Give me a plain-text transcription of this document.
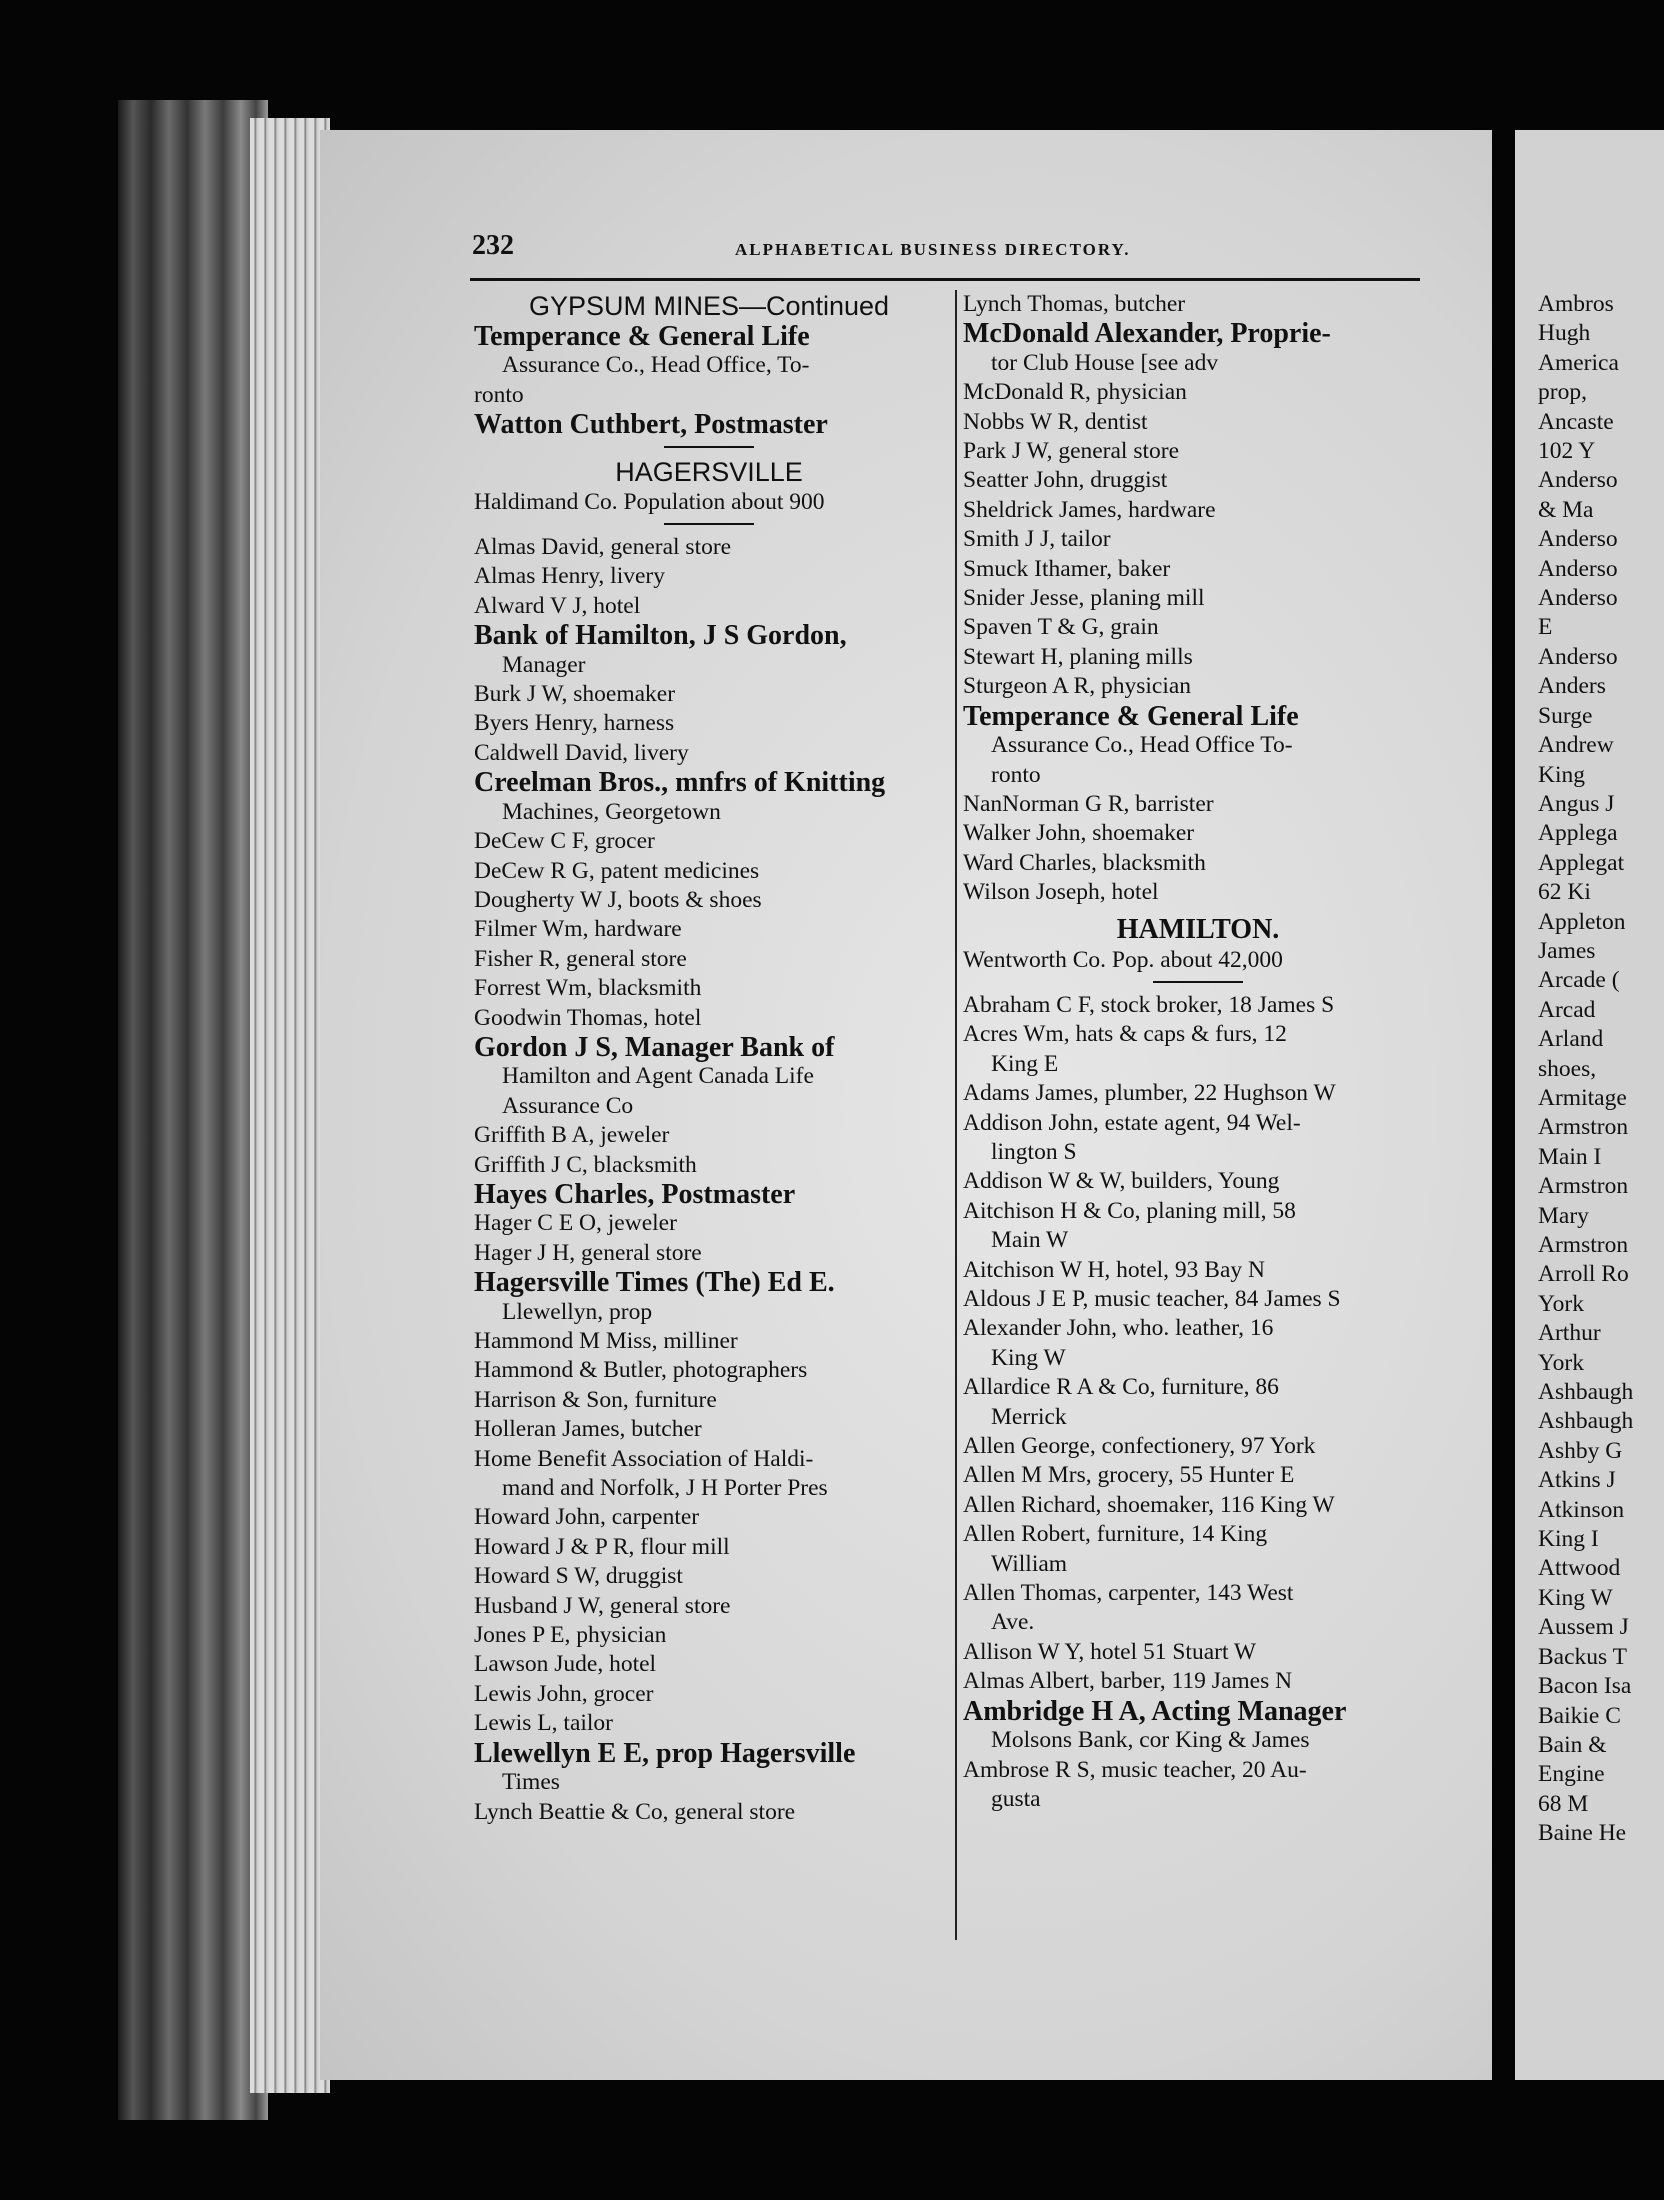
232	ALPHABETICAL BUSINESS DIRECTORY.
GYPSUM MINES—Continued
Temperance & General Life
Assurance Co., Head Office, To-
ronto
Watton Cuthbert, Postmaster
HAGERSVILLE
Haldimand Co. Population about 900
Almas David, general store
Almas Henry, livery
Alward V J, hotel
Bank of Hamilton, J S Gordon,
Manager
Burk J W, shoemaker
Byers Henry, harness
Caldwell David, livery
Creelman Bros., mnfrs of Knitting
Machines, Georgetown
DeCew C F, grocer
DeCew R G, patent medicines
Dougherty W J, boots & shoes
Filmer Wm, hardware
Fisher R, general store
Forrest Wm, blacksmith
Goodwin Thomas, hotel
Gordon J S, Manager Bank of
Hamilton and Agent Canada Life
Assurance Co
Griffith B A, jeweler
Griffith J C, blacksmith
Hayes Charles, Postmaster
Hager C E O, jeweler
Hager J H, general store
Hagersville Times (The) Ed E.
Llewellyn, prop
Hammond M Miss, milliner
Hammond & Butler, photographers
Harrison & Son, furniture
Holleran James, butcher
Home Benefit Association of Haldi-
mand and Norfolk, J H Porter Pres
Howard John, carpenter
Howard J & P R, flour mill
Howard S W, druggist
Husband J W, general store
Jones P E, physician
Lawson Jude, hotel
Lewis John, grocer
Lewis L, tailor
Llewellyn E E, prop Hagersville
Times
Lynch Beattie & Co, general store
Lynch Thomas, butcher
McDonald Alexander, Proprie-
tor Club House [see adv
McDonald R, physician
Nobbs W R, dentist
Park J W, general store
Seatter John, druggist
Sheldrick James, hardware
Smith J J, tailor
Smuck Ithamer, baker
Snider Jesse, planing mill
Spaven T & G, grain
Stewart H, planing mills
Sturgeon A R, physician
Temperance & General Life
Assurance Co., Head Office To-
ronto
NanNorman G R, barrister
Walker John, shoemaker
Ward Charles, blacksmith
Wilson Joseph, hotel
HAMILTON.
Wentworth Co. Pop. about 42,000
Abraham C F, stock broker, 18 James S
Acres Wm, hats & caps & furs, 12
King E
Adams James, plumber, 22 Hughson W
Addison John, estate agent, 94 Wel-
lington S
Addison W & W, builders, Young
Aitchison H & Co, planing mill, 58
Main W
Aitchison W H, hotel, 93 Bay N
Aldous J E P, music teacher, 84 James S
Alexander John, who. leather, 16
King W
Allardice R A & Co, furniture, 86
Merrick
Allen George, confectionery, 97 York
Allen M Mrs, grocery, 55 Hunter E
Allen Richard, shoemaker, 116 King W
Allen Robert, furniture, 14 King
William
Allen Thomas, carpenter, 143 West
Ave.
Allison W Y, hotel 51 Stuart W
Almas Albert, barber, 119 James N
Ambridge H A, Acting Manager
Molsons Bank, cor King & James
Ambrose R S, music teacher, 20 Au-
gusta
Ambros
Hugh
America
prop,
Ancaste
102 Y
Anderso
& Ma
Anderso
Anderso
Anderso
E
Anderso
Anders
Surge
Andrew
King
Angus J
Applega
Applegat
62 Ki
Appleton
James
Arcade (
Arcad
Arland
shoes,
Armitage
Armstron
Main I
Armstron
Mary
Armstron
Arroll Ro
York
Arthur
York
Ashbaugh
Ashbaugh
Ashby G
Atkins J
Atkinson
King I
Attwood
King W
Aussem J
Backus T
Bacon Isa
Baikie C
Bain &
Engine
68 M
Baine He
